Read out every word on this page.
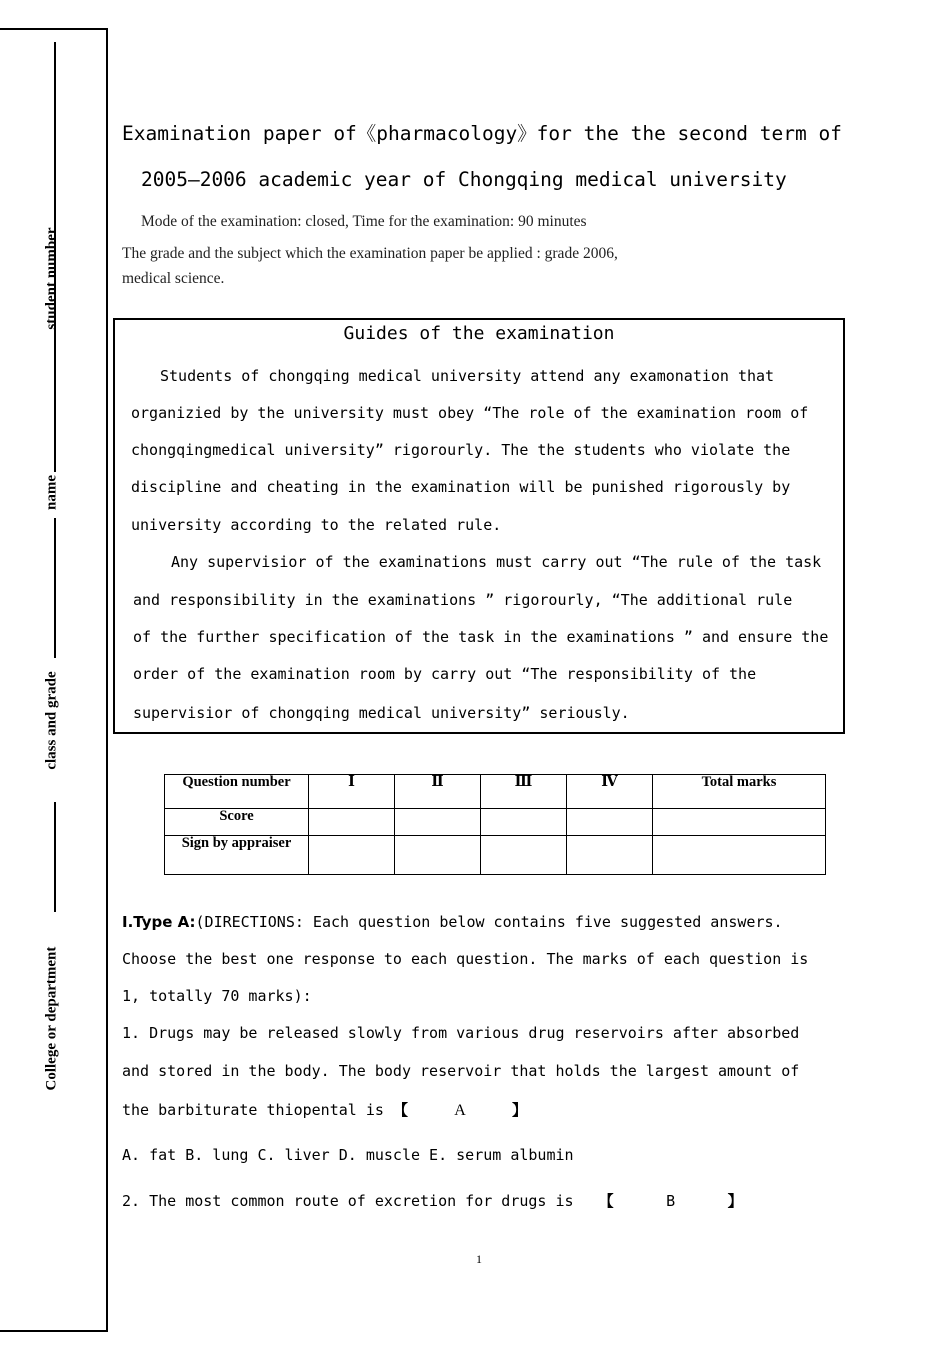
student number
name
class and grade
College or department
Examination paper of《pharmacology》for the the second term of
2005—2006 academic year of Chongqing medical university
Mode of the examination: closed, Time for the examination: 90 minutes
The grade and the subject which the examination paper be applied : grade 2006,
medical science.
Guides of the examination
Students of chongqing medical university attend any examonation that
organizied by the university must obey “The role of the examination room of
chongqingmedical university” rigorourly. The the students who violate the
discipline and cheating in the examination will be punished rigorously by
university according to the related rule.
Any supervisior of the examinations must carry out “The rule of the task
and responsibility in the examinations ” rigorourly, “The additional rule
of the further specification of the task in the examinations ” and ensure the
order of the examination room by carry out “The responsibility of the
supervisior of chongqing medical university” seriously.
Question number	Ⅰ	Ⅱ	Ⅲ	Ⅳ	Total marks
Score					
Sign by appraiser					
Ⅰ.Type A:(DIRECTIONS: Each question below contains five suggested answers.
Choose the best one response to each question. The marks of each question is
1, totally 70 marks):
1. Drugs may be released slowly from various drug reservoirs after absorbed
and stored in the body. The body reservoir that holds the largest amount of
the barbiturate thiopental is 【	A	】
A. fat B. lung C. liver D. muscle E. serum albumin
2. The most common route of excretion for drugs is 【	B	】
1
